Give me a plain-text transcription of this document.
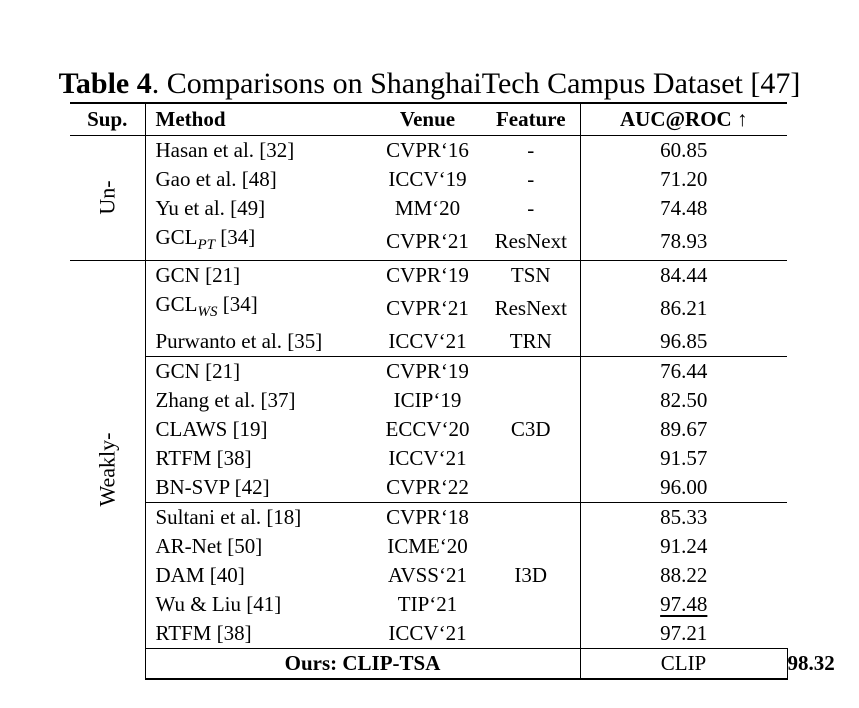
Table 4. Comparisons on ShanghaiTech Campus Dataset [47]
Sup.	Method	Venue	Feature	AUC@ROC ↑	
Un-	Hasan et al. [32]	CVPR‘16	-	60.85	
	Gao et al. [48]	ICCV‘19	-	71.20	
	Yu et al. [49]	MM‘20	-	74.48	
	$GCL_{PT}$ [34]	CVPR‘21	ResNext	78.93	
Weakly-	GCN [21]	CVPR‘19	TSN	84.44	
	$GCL_{WS}$ [34]	CVPR‘21	ResNext	86.21	
	Purwanto et al. [35]	ICCV‘21	TRN	96.85	
	GCN [21]	CVPR‘19	C3D	76.44	
	Zhang et al. [37]	ICIP‘19		82.50	
	CLAWS [19]	ECCV‘20		89.67	
	RTFM [38]	ICCV‘21		91.57	
	BN-SVP [42]	CVPR‘22		96.00	
	Sultani et al. [18]	CVPR‘18	I3D	85.33	
	AR-Net [50]	ICME‘20		91.24	
	DAM [40]	AVSS‘21		88.22	
	Wu & Liu [41]	TIP‘21		97.48	
	RTFM [38]	ICCV‘21		97.21	
	Ours: CLIP-TSA			CLIP	98.32
